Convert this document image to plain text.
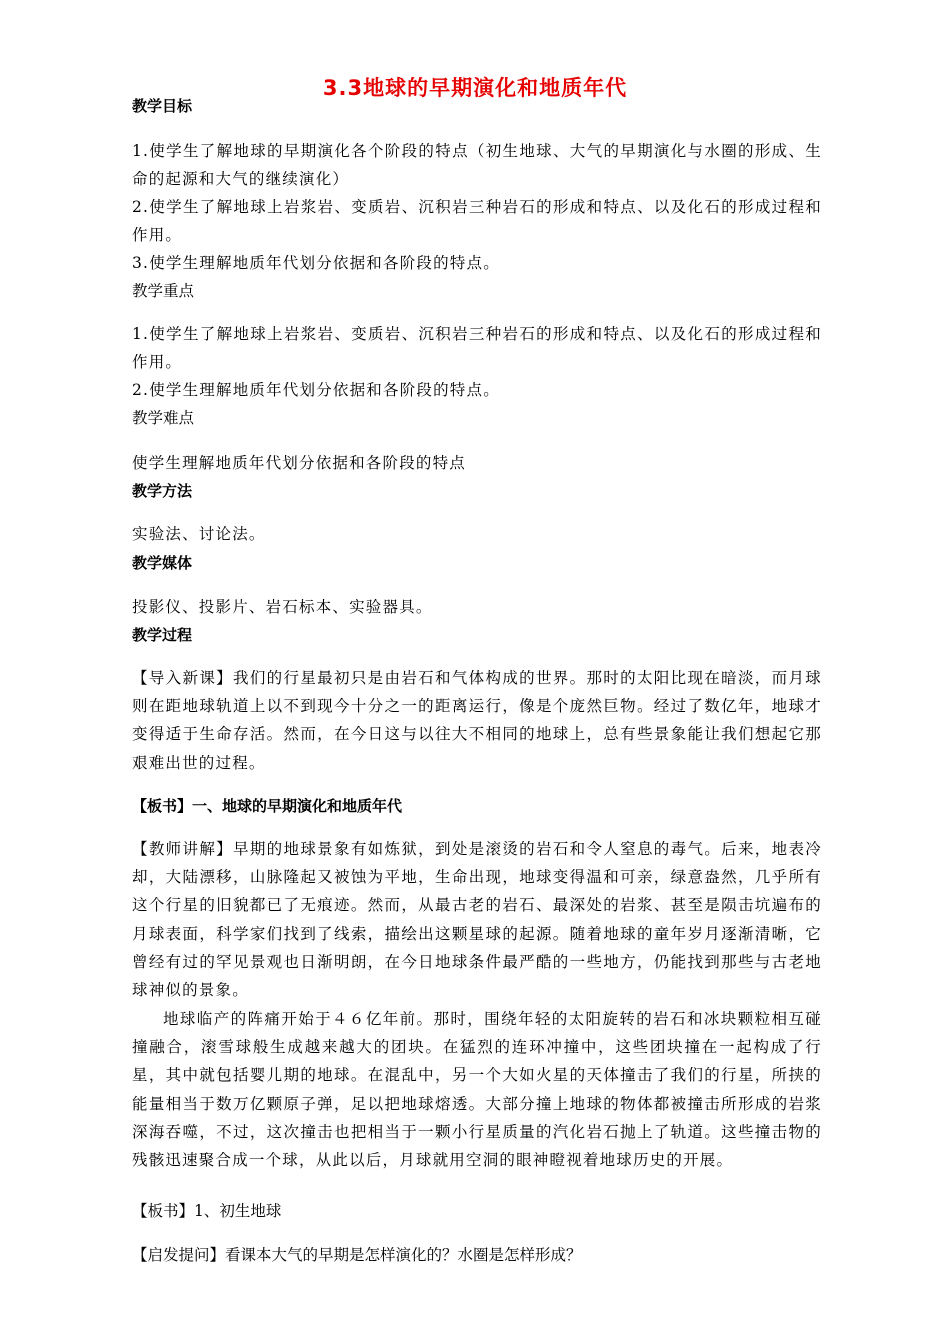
3.3地球的早期演化和地质年代
教学目标
1.使学生了解地球的早期演化各个阶段的特点（初生地球、大气的早期演化与水圈的形成、生命的起源和大气的继续演化）
2.使学生了解地球上岩浆岩、变质岩、沉积岩三种岩石的形成和特点、以及化石的形成过程和作用。
3.使学生理解地质年代划分依据和各阶段的特点。
教学重点
1.使学生了解地球上岩浆岩、变质岩、沉积岩三种岩石的形成和特点、以及化石的形成过程和作用。
2.使学生理解地质年代划分依据和各阶段的特点。
教学难点
使学生理解地质年代划分依据和各阶段的特点
教学方法
实验法、讨论法。
教学媒体
投影仪、投影片、岩石标本、实验器具。
教学过程
【导入新课】我们的行星最初只是由岩石和气体构成的世界。那时的太阳比现在暗淡，而月球则在距地球轨道上以不到现今十分之一的距离运行，像是个庞然巨物。经过了数亿年，地球才变得适于生命存活。然而，在今日这与以往大不相同的地球上，总有些景象能让我们想起它那艰难出世的过程。
【板书】一、地球的早期演化和地质年代
【教师讲解】早期的地球景象有如炼狱，到处是滚烫的岩石和令人窒息的毒气。后来，地表冷却，大陆漂移，山脉隆起又被蚀为平地，生命出现，地球变得温和可亲，绿意盎然，几乎所有这个行星的旧貌都已了无痕迹。然而，从最古老的岩石、最深处的岩浆、甚至是陨击坑遍布的月球表面，科学家们找到了线索，描绘出这颗星球的起源。随着地球的童年岁月逐渐清晰，它曾经有过的罕见景观也日渐明朗，在今日地球条件最严酷的一些地方，仍能找到那些与古老地球神似的景象。
地球临产的阵痛开始于４６亿年前。那时，围绕年轻的太阳旋转的岩石和冰块颗粒相互碰撞融合，滚雪球般生成越来越大的团块。在猛烈的连环冲撞中，这些团块撞在一起构成了行星，其中就包括婴儿期的地球。在混乱中，另一个大如火星的天体撞击了我们的行星，所挟的能量相当于数万亿颗原子弹，足以把地球熔透。大部分撞上地球的物体都被撞击所形成的岩浆深海吞噬，不过，这次撞击也把相当于一颗小行星质量的汽化岩石抛上了轨道。这些撞击物的残骸迅速聚合成一个球，从此以后，月球就用空洞的眼神瞪视着地球历史的开展。
【板书】1、初生地球
【启发提问】看课本大气的早期是怎样演化的？水圈是怎样形成？
